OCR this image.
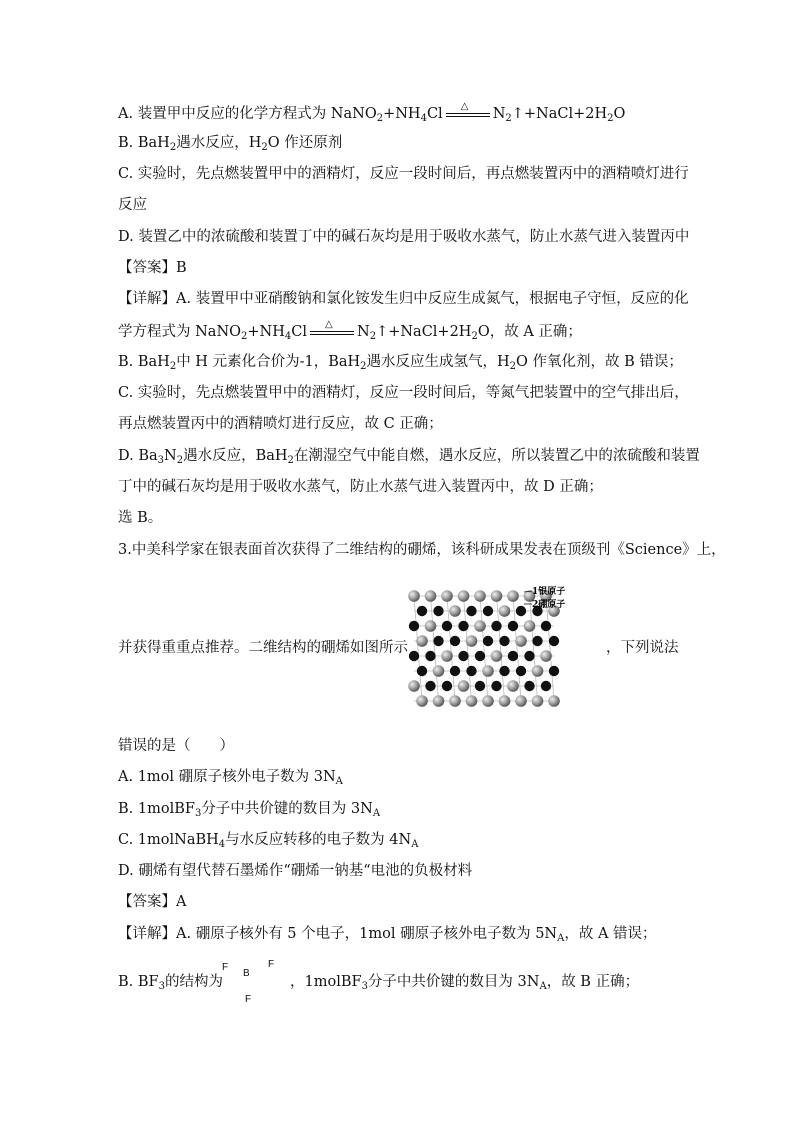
A. 装置甲中反应的化学方程式为 $NaNO_2+NH_4Cl$ △ $N_2↑+NaCl+2H_2O$
B. BaH$_2$遇水反应，$H_2O$ 作还原剂
C. 实验时，先点燃装置甲中的酒精灯，反应一段时间后，再点燃装置丙中的酒精喷灯进行
反应
D. 装置乙中的浓硫酸和装置丁中的碱石灰均是用于吸收水蒸气，防止水蒸气进入装置丙中
【答案】B
【详解】A. 装置甲中亚硝酸钠和氯化铵发生归中反应生成氮气，根据电子守恒，反应的化
学方程式为 $NaNO_2+NH_4Cl$ △ $N_2↑+NaCl+2H_2O$，故 A 正确；
B. BaH$_2$中 H 元素化合价为-1，BaH$_2$遇水反应生成氢气，$H_2O$ 作氧化剂，故 B 错误；
C. 实验时，先点燃装置甲中的酒精灯，反应一段时间后，等氮气把装置中的空气排出后，
再点燃装置丙中的酒精喷灯进行反应，故 C 正确；
D. $Ba_3N_2$遇水反应，BaH$_2$在潮湿空气中能自燃，遇水反应，所以装置乙中的浓硫酸和装置
丁中的碱石灰均是用于吸收水蒸气，防止水蒸气进入装置丙中，故 D 正确；
选 B。
3.中美科学家在银表面首次获得了二维结构的硼烯，该科研成果发表在顶级刊《Science》上，
并获得重重点推荐。二维结构的硼烯如图所示	，下列说法
1银原子
2硼原子
错误的是（　　）
A. 1mol 硼原子核外电子数为 $3N_A$
B. 1molBF$_3$分子中共价键的数目为 $3N_A$
C. 1molNaBH$_4$与水反应转移的电子数为 $4N_A$
D. 硼烯有望代替石墨烯作“硼烯一钠基“电池的负极材料
【答案】A
【详解】A. 硼原子核外有 5 个电子，1mol 硼原子核外电子数为 $5N_A$，故 A 错误；
B. $BF_3$的结构为
F
B
F
F
，1molBF$_3$分子中共价键的数目为 $3N_A$，故 B 正确；
